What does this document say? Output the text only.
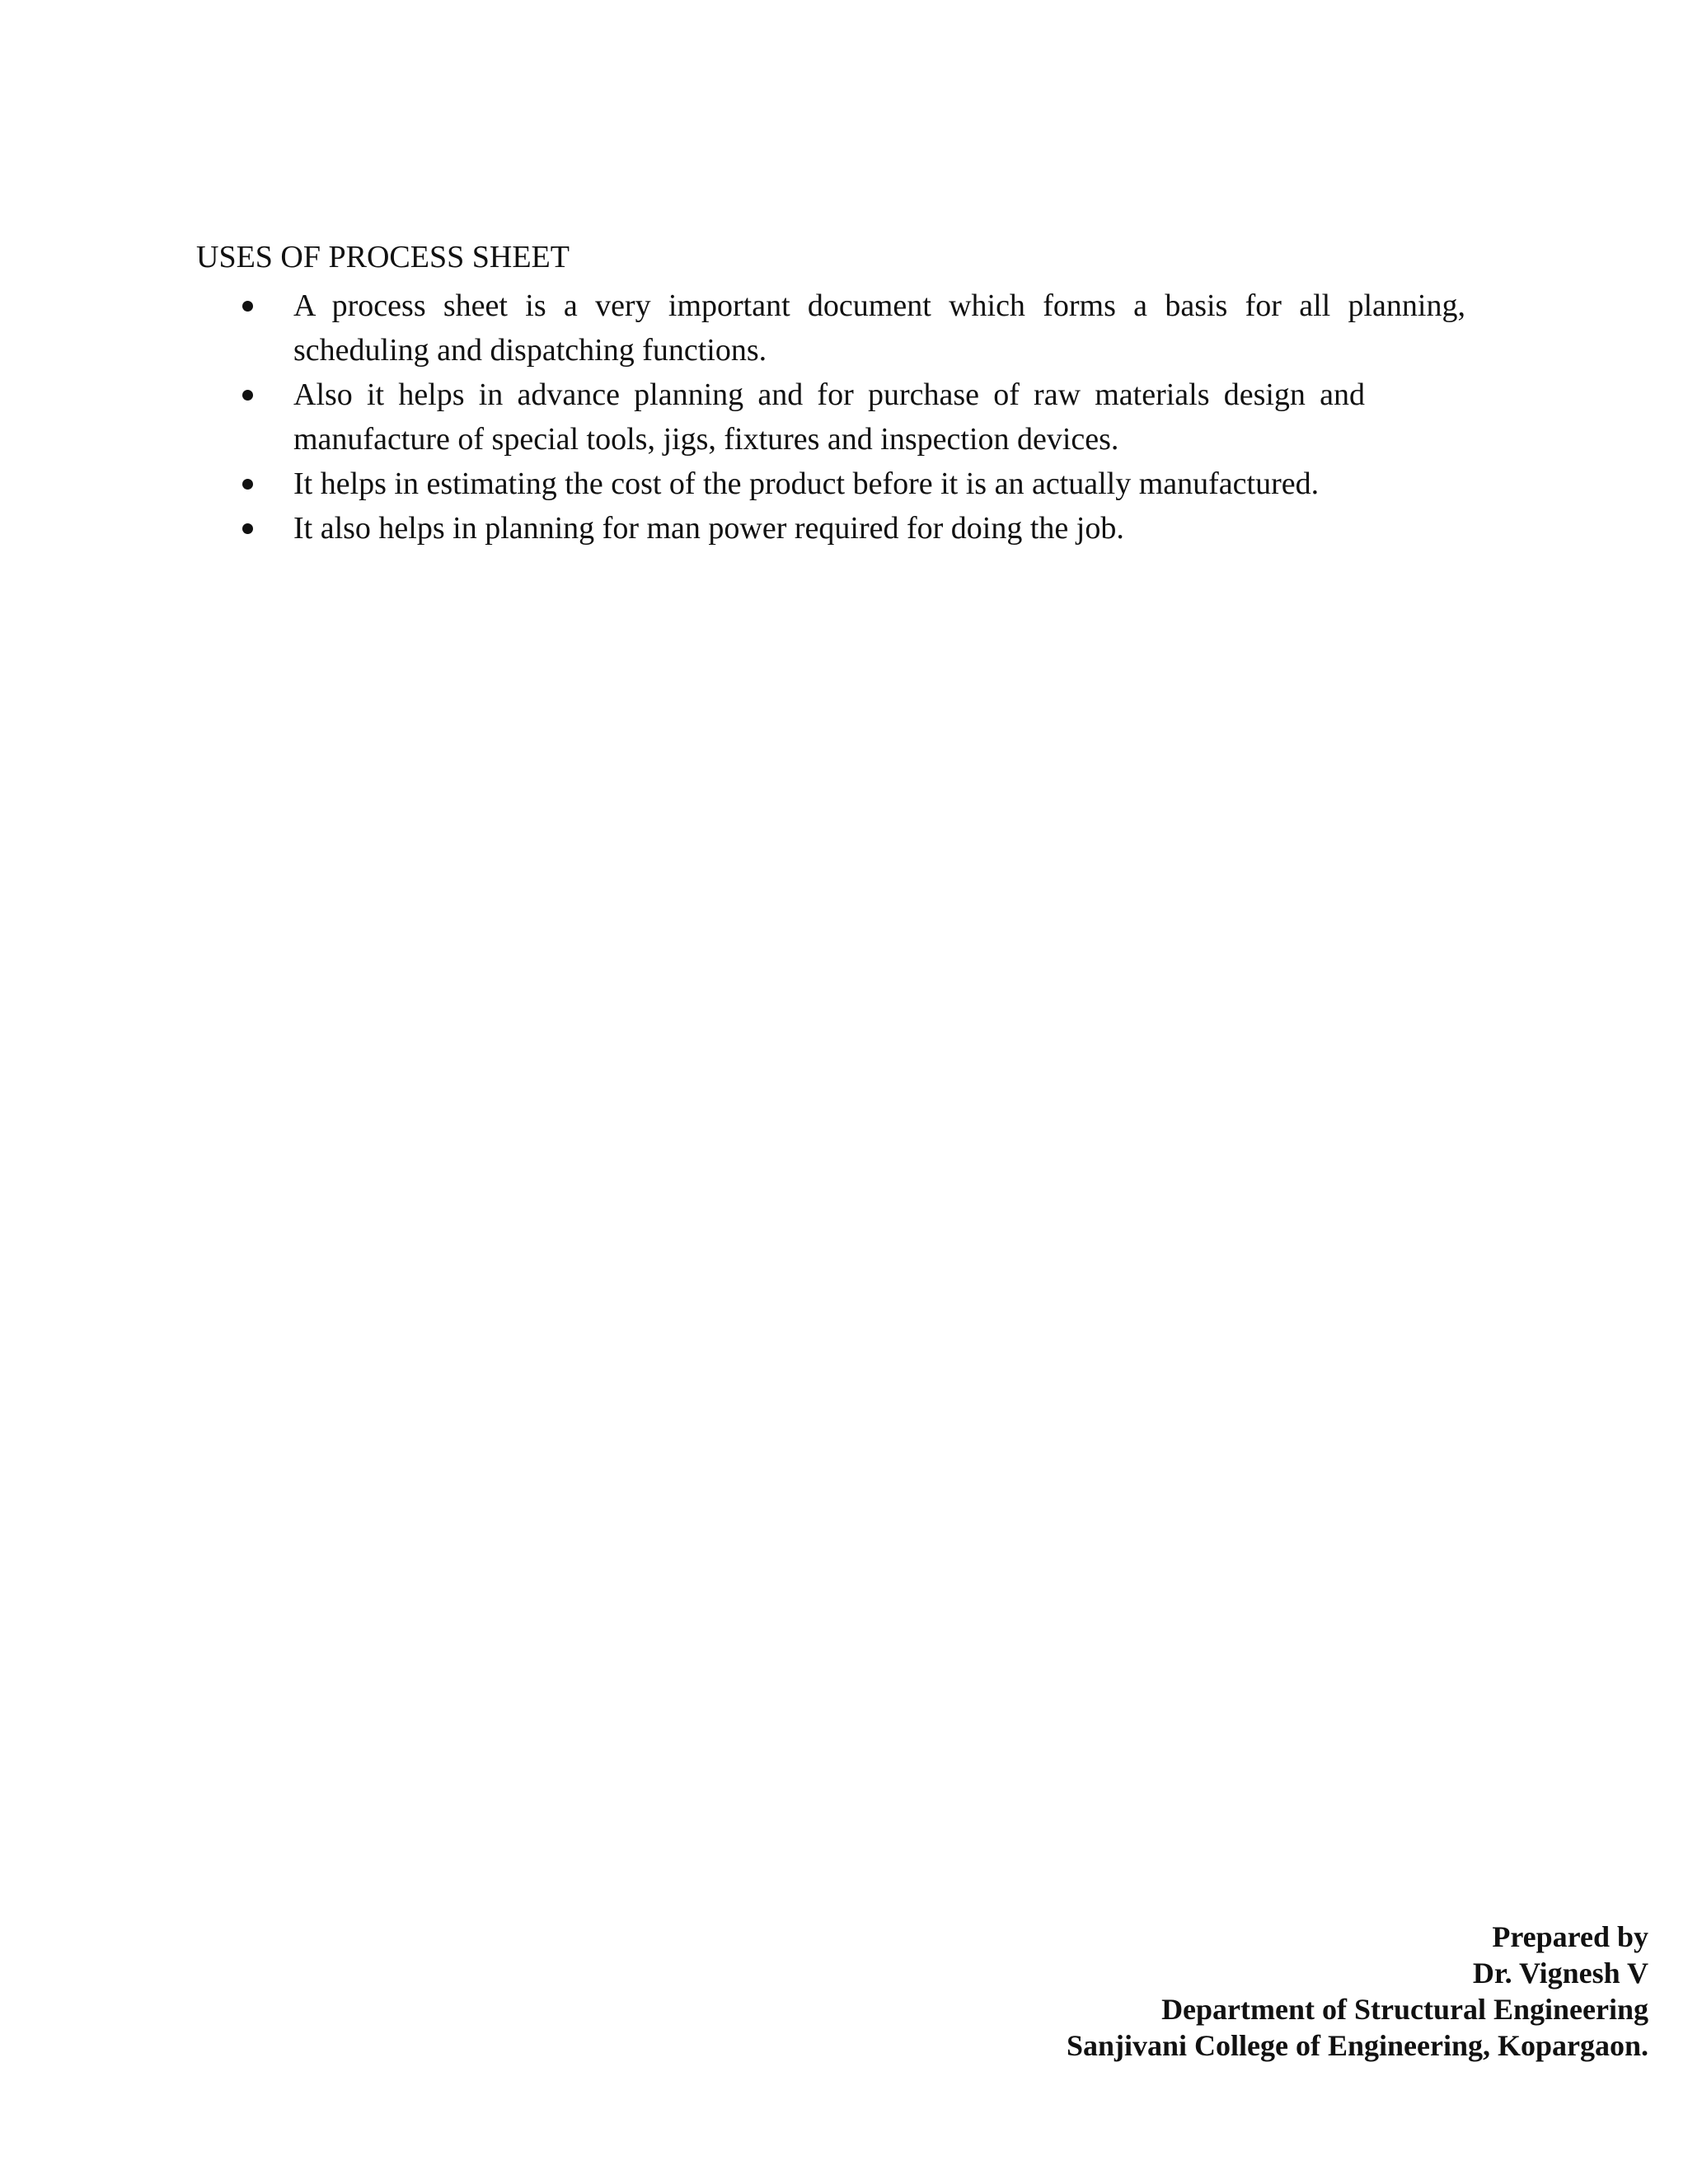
USES OF PROCESS SHEET
A process sheet is a very important document which forms a basis for all planning, scheduling and dispatching functions.
Also it helps in advance planning and for purchase of raw materials design and manufacture of special tools, jigs, fixtures and inspection devices.
It helps in estimating the cost of the product before it is an actually manufactured.
It also helps in planning for man power required for doing the job.
Prepared by
Dr. Vignesh V
Department of Structural Engineering
Sanjivani College of Engineering, Kopargaon.
